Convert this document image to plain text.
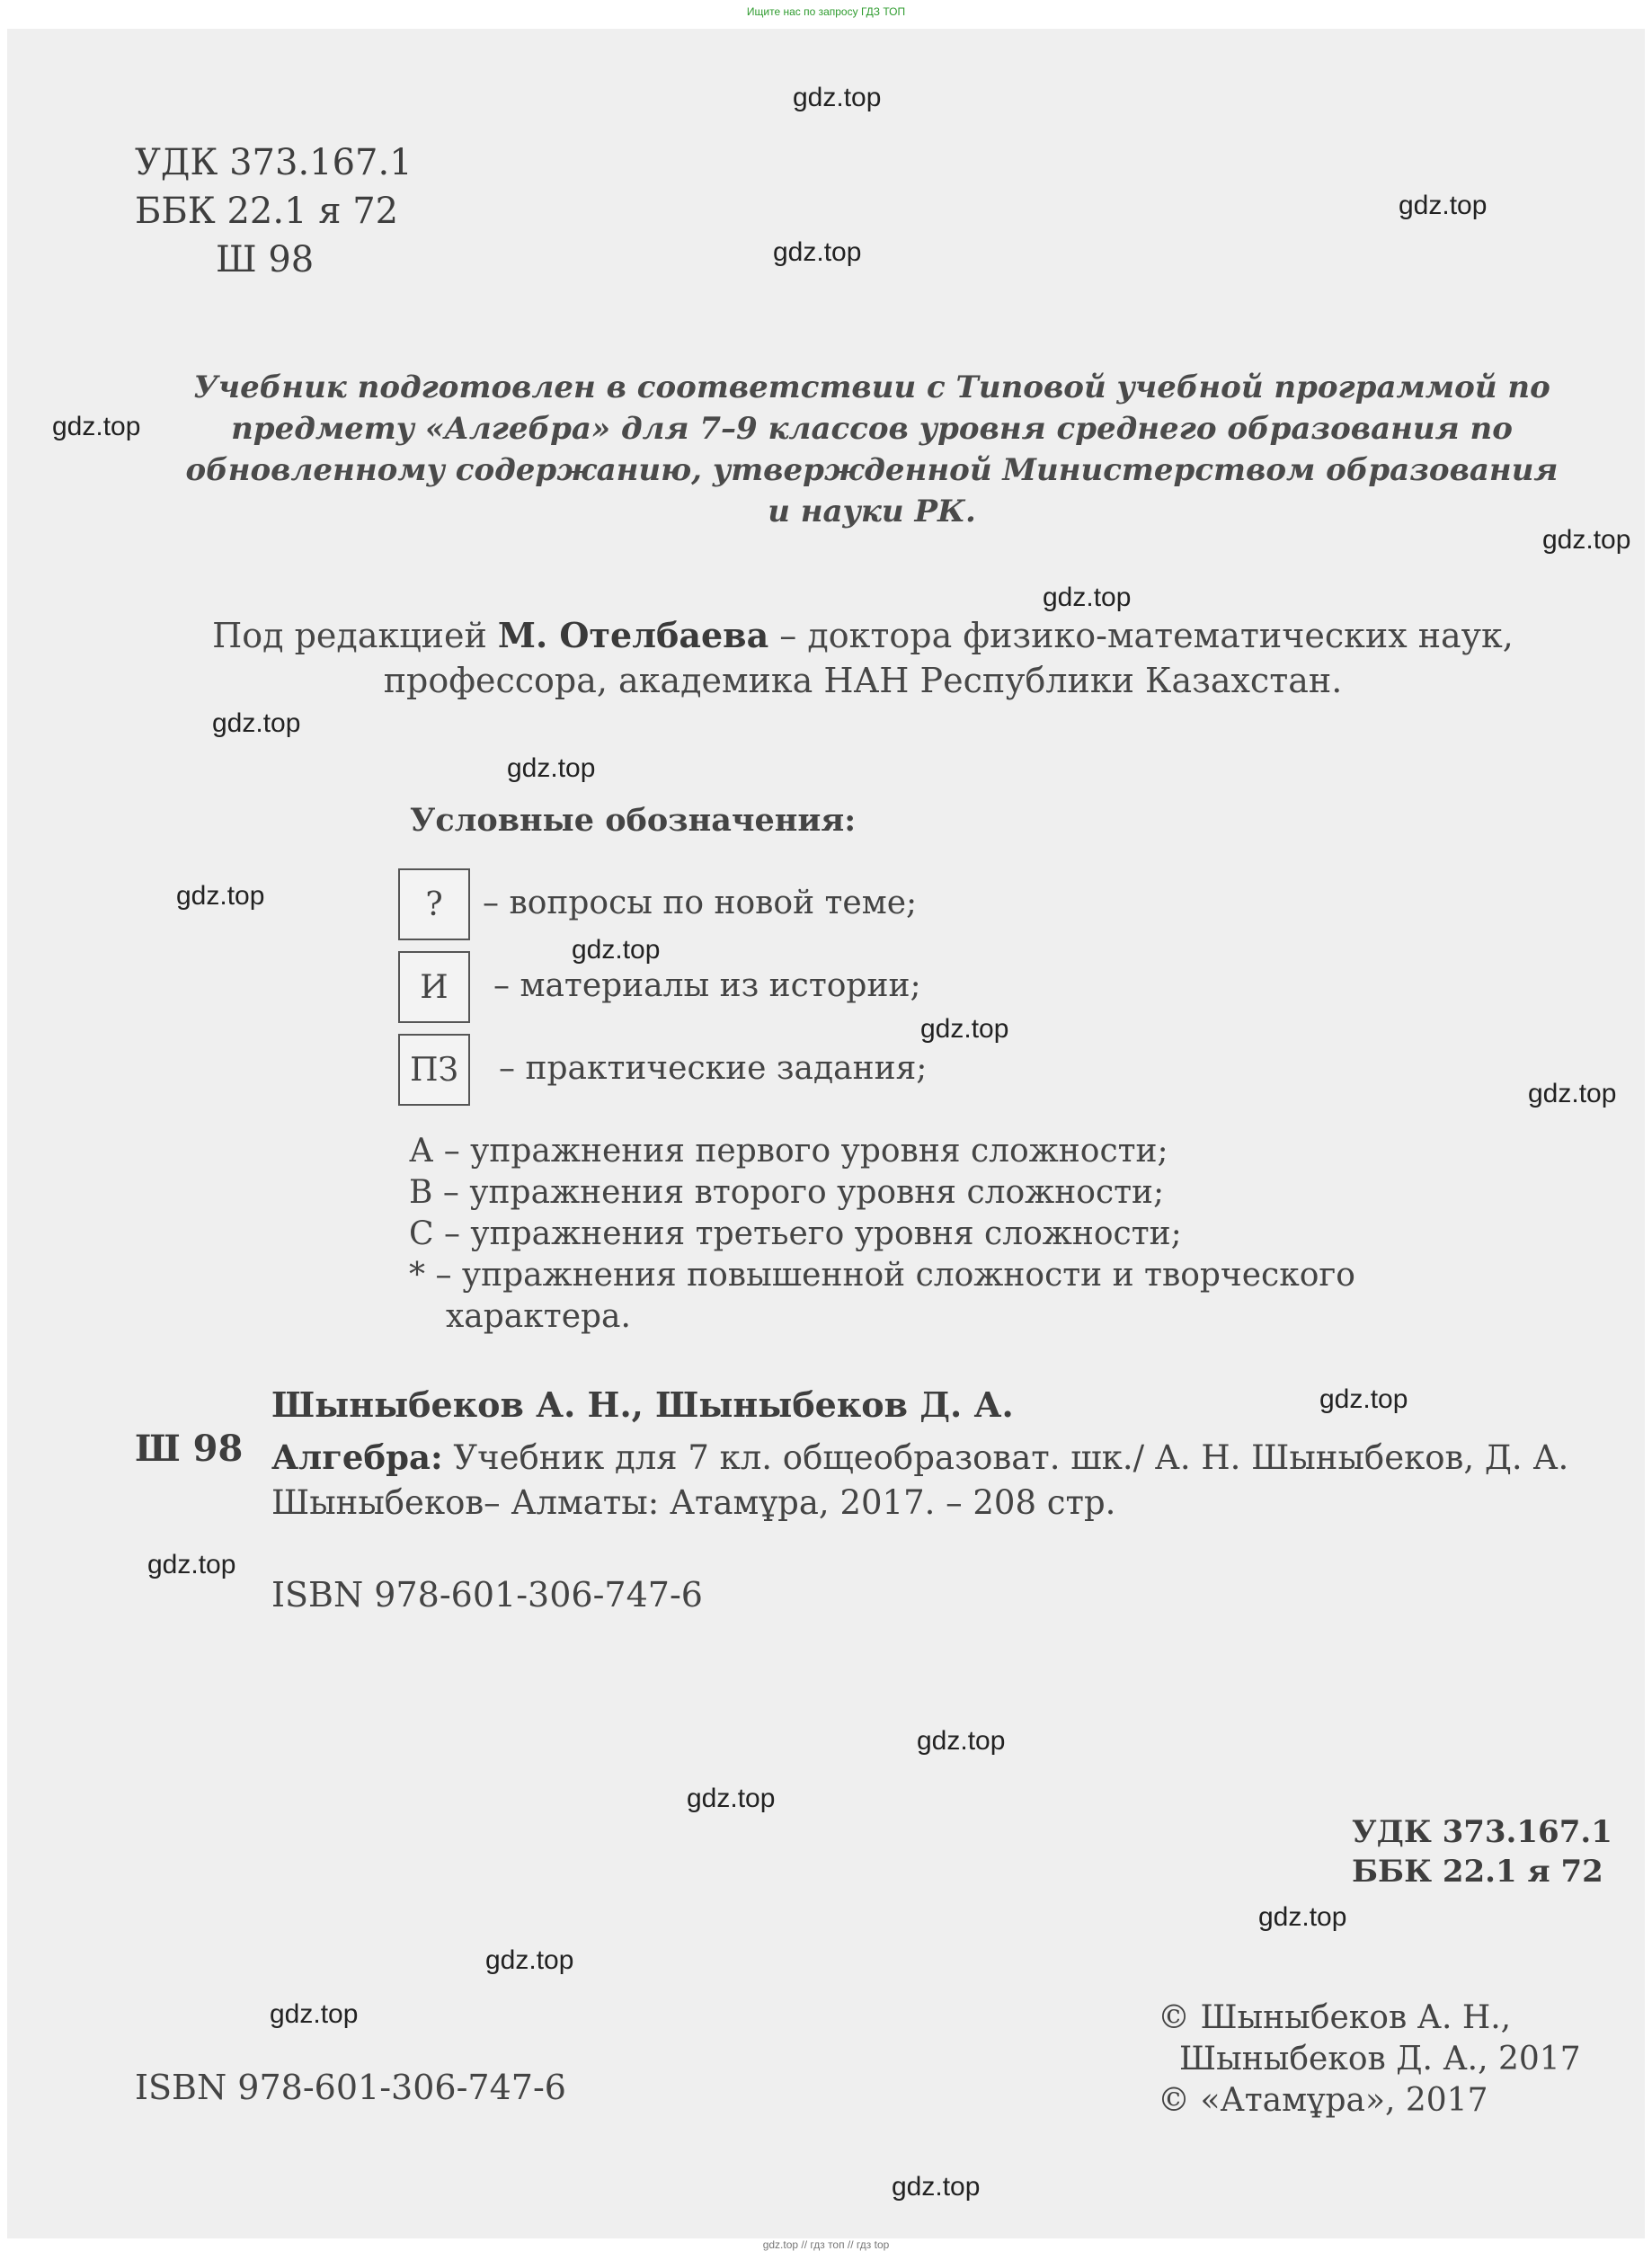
Ищите нас по запросу ГДЗ ТОП
УДК 373.167.1
ББК 22.1 я 72
Ш 98
Учебник подготовлен в соответствии с Типовой учебной программой по предмету «Алгебра» для 7–9 классов уровня среднего образования по обновленному содержанию, утвержденной Министерством образования и науки РК.
Под редакцией М. Отелбаева – доктора физико-математических наук, профессора, академика НАН Республики Казахстан.
Условные обозначения:
?	– вопросы по новой теме;
И	– материалы из истории;
ПЗ	– практические задания;
А – упражнения первого уровня сложности;
В – упражнения второго уровня сложности;
С – упражнения третьего уровня сложности;
* – упражнения повышенной сложности и творческого
характера.
Шыныбеков А. Н., Шыныбеков Д. А.
Ш 98 Алгебра: Учебник для 7 кл. общеобразоват. шк./ А. Н. Шыныбеков, Д. А. Шыныбеков– Алматы: Атамұра, 2017. – 208 стр.
ISBN 978-601-306-747-6
УДК 373.167.1
ББК 22.1 я 72
ISBN 978-601-306-747-6
© Шыныбеков А. Н.,
Шыныбеков Д. А., 2017
© «Атамұра», 2017
gdz.top
gdz.top
gdz.top
gdz.top
gdz.top
gdz.top
gdz.top
gdz.top
gdz.top
gdz.top
gdz.top
gdz.top
gdz.top
gdz.top
gdz.top
gdz.top
gdz.top
gdz.top
gdz.top
gdz.top
gdz.top // гдз топ // гдз top
